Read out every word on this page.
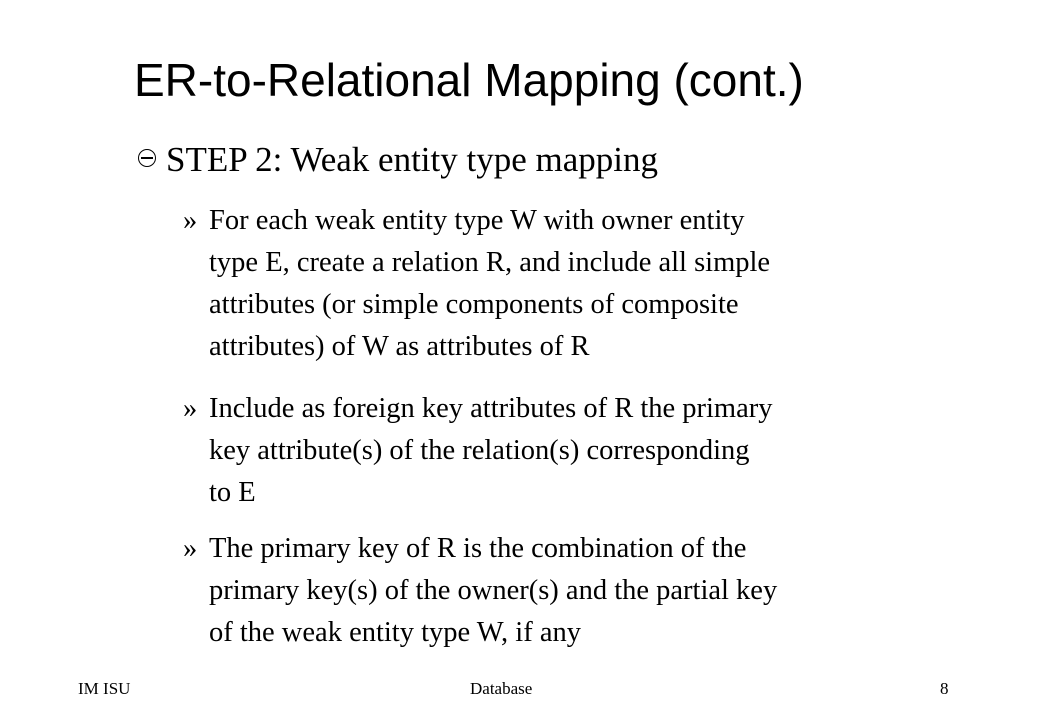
ER-to-Relational Mapping (cont.)
STEP 2: Weak entity type mapping
» For each weak entity type W with owner entity
type E, create a relation R, and include all simple
attributes (or simple components of composite
attributes) of W as attributes of R
» Include as foreign key attributes of R the primary
key attribute(s) of the relation(s) corresponding
to E
» The primary key of R is the combination of the
primary key(s) of the owner(s) and the partial key
of the weak entity type W, if any
IM ISU	Database	8
